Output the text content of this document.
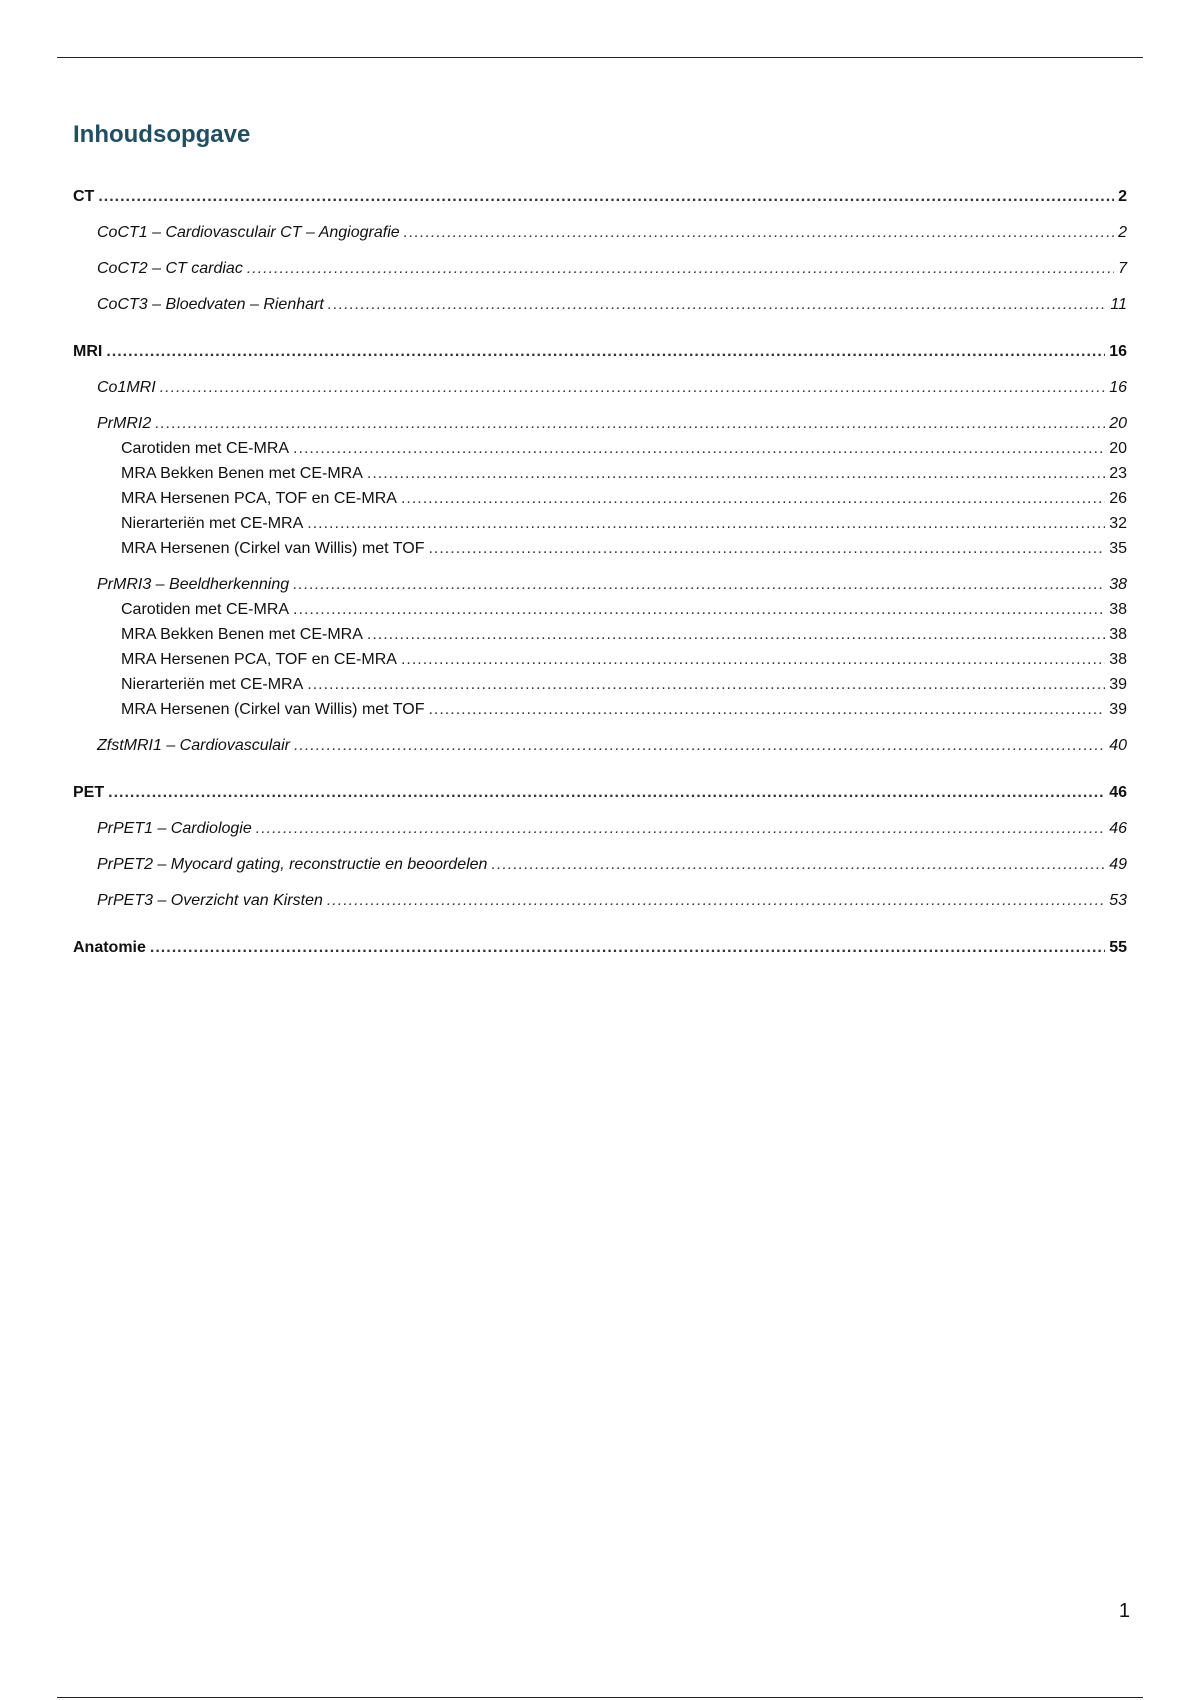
Inhoudsopgave
CT .....	2
CoCT1 – Cardiovasculair CT – Angiografie .....	2
CoCT2 – CT cardiac .....	7
CoCT3 – Bloedvaten – Rienhart .....	11
MRI .....	16
Co1MRI .....	16
PrMRI2 .....	20
Carotiden met CE-MRA .....	20
MRA Bekken Benen met CE-MRA .....	23
MRA Hersenen PCA, TOF en CE-MRA .....	26
Nierarteriën met CE-MRA .....	32
MRA Hersenen (Cirkel van Willis) met TOF .....	35
PrMRI3 – Beeldherkenning .....	38
Carotiden met CE-MRA .....	38
MRA Bekken Benen met CE-MRA .....	38
MRA Hersenen PCA, TOF en CE-MRA .....	38
Nierarteriën met CE-MRA .....	39
MRA Hersenen (Cirkel van Willis) met TOF .....	39
ZfstMRI1 – Cardiovasculair .....	40
PET .....	46
PrPET1 – Cardiologie .....	46
PrPET2 – Myocard gating, reconstructie en beoordelen .....	49
PrPET3 – Overzicht van Kirsten .....	53
Anatomie .....	55
1
